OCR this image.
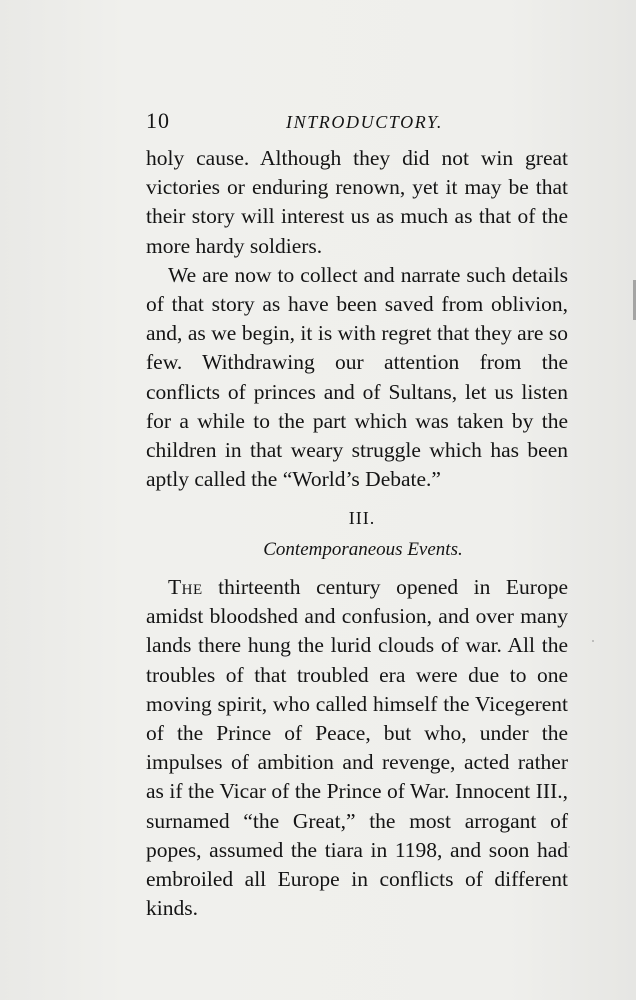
10	INTRODUCTORY.

holy cause. Although they did not win great victories or enduring renown, yet it may be that their story will interest us as much as that of the more hardy soldiers.

We are now to collect and narrate such details of that story as have been saved from oblivion, and, as we begin, it is with regret that they are so few. Withdrawing our attention from the conflicts of princes and of Sultans, let us listen for a while to the part which was taken by the children in that weary struggle which has been aptly called the “World’s Debate.”

III.
Contemporaneous Events.

The thirteenth century opened in Europe amidst bloodshed and confusion, and over many lands there hung the lurid clouds of war. All the troubles of that troubled era were due to one moving spirit, who called himself the Vicegerent of the Prince of Peace, but who, under the impulses of ambition and revenge, acted rather as if the Vicar of the Prince of War. Innocent III., surnamed “the Great,” the most arrogant of popes, assumed the tiara in 1198, and soon had embroiled all Europe in conflicts of different kinds.
